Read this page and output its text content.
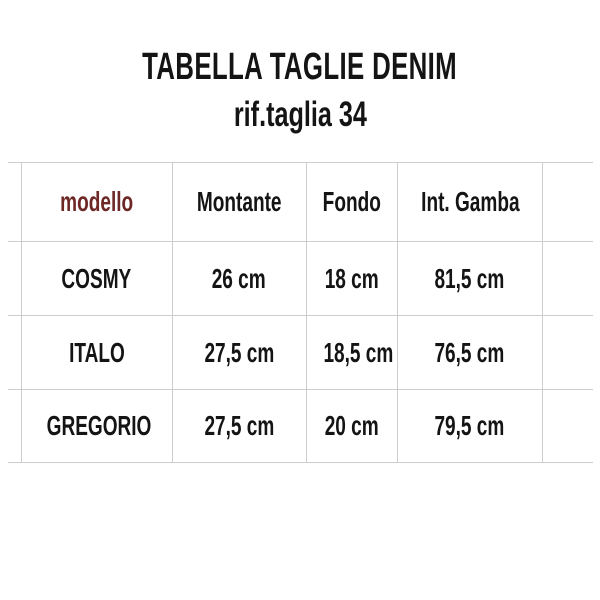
TABELLA TAGLIE DENIM
rif.taglia 34
	modello	Montante	Fondo	Int. Gamba	
	COSMY	26 cm	18 cm	81,5 cm	
	ITALO	27,5 cm	18,5 cm	76,5 cm	
	GREGORIO	27,5 cm	20 cm	79,5 cm	
